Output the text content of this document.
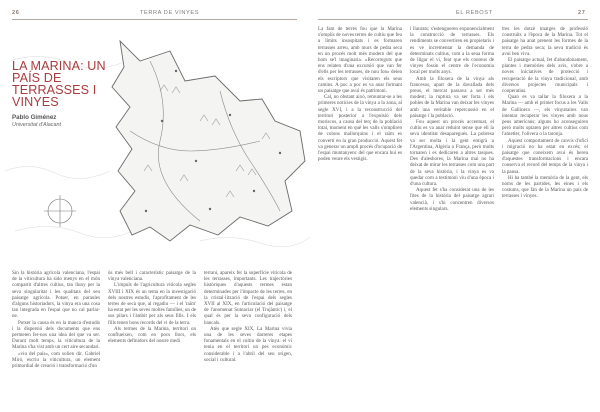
26	TERRA DE VINYES	EL REBOST	27
LA MARINA: UN PAÍS DE TERRASSES I VINYES
Pablo Giménez
Universitat d'Alacant

Sin la història agrícola valenciana, l'espai de la viticultura ha sido menys en el món compartit d'altres cultius, tan lluny per la seva singularitat i les qualitats del seu paisatge agrícola. Potser, en paraules d'alguns historiadors, la vinya era una cosa tan integrada en l'espai que no cal parlar-ne.

Potser la causa és en la manca d'estudis i la dispersió dels documents que ens permeten fer-nos una idea del que va ser. Durant molt temps, la viticultura de la Marina s'ha vist amb un cert aire secundari.

«viu del país», com solien dir. Gabriel Miró, escriu la viticultura, un element primordial de creació i transformació d'un

ús més bell i característic paisatge de la vinya valenciana.

L'impuls de l'agricultura vitícola segles XVIII i XIX és un tema en la investigació dels nostres estudis, l'aprofitament de les terres de secà que, al regadiu — i el 'raïm' ha estat per les seves moltes famílies, un de sus pilars i l'àmbit per als seus fills. I els fills tenen bons records del vi de la terra.

Als termes de la Marina, territori on conflueixen, com en pocs llocs, els elements definidors del nostre medi

terrani, apareix fer la superfície vitícola de les terrasses, importants. Les trajectòries històriques d'aquests termes estan determinades per l'impacte de les terres, en la cristal·lització de l'espai dels segles XVII al XIX, en l'articulació del paisatge de l'anomenat Sumaciar (el Trujàntic) i, el qual és per la seva configuració dels bancals.

Atès que segle XIX, La Marina vivia una de les seves darreres etapes fonamentals en el cultiu de la vinya: el vi tenia en el territori un pes econòmic considerable i a l'abril del seu origen, social i cultural.

La fam de terres fou que la Marina s'omplís de noves terres de cultiu que feu a límits insospitats i es formaren terrasses arreu, amb murs de pedra seca en un procés molt més modern del que hom se'l imaginaria. «Recorreguts que ens relaten d'una excursió que van fer d'ells per les terrasses, de nou fon» deien els escriptors que visitaren els seus camins. A poc a poc es va anar formant un paisatge que avui és patrimoni.

Cal, no obstant això, remuntar-se a les primeres notícies de la vinya a la zona, al segle XVI, i a la reconstrucció del territori posterior a l'expulsió dels moriscos, a causa del terç de la població total, moment en què les valls s'ompliren de colons mallorquins i el raïm es convertí en la gran producció. Aquest fet va generar un ampli procés d'ocupació de l'espai muntanyenc del que encara hui es poden veure els vestigis.

i llaurats; s'estengueren exponencialment la construcció de terrasses. Els rendiments se convertiren en propietaris i es ve incrementar la demanda de determinats cultius, com a la seua forma de lligar el vi, fent que els conreus de vinyes fossin el centre de l'economia local per molts anys.

Amb la filoxera de la vinya als francesos, apart de la davallada dels preus, el mercat passava a ser més modest; la ruptura va ser forta i els pobles de la Marina van deixar les vinyes amb una veritable repercussió en el paisatge i la població.

Fou aquest un procés accentuat, el cultiu es va anar reduint sense que ell la seva identitat desaparegués. La pobresa va ser molta i la gent emigrà a l'Argentina, Algèria o França, però molts tornaren i es dedicaren a altres tasques. Des d'aleshores, la Marina mai no ha deixat de mirar les terrasses com una part de la seva història, i la vinya es va quedar com a testimoni viu d'una època i d'una cultura.

Aquest fet s'ha considerat una de les fites de la història del paisatge agrari valencià, i s'hi concentren diversos elements singulars.

tres les dotzè imatges de professió construïts a l'època de la Marina. Tot el paisatge ha anat prenent les formes de la terra de pedra seca; la seva tradició és avui ben viva.

El paisatge actual, fet d'abandonament, plantes i memòries dels avis, s'obre a noves iniciatives de protecció i recuperació de la vinya tradicional, amb diversos projectes municipals i cooperatius.

Quan es va tallar la filoxera a la Marina — amb el primer focus a les Valls de Gallinera —, els vinyataires van intentar recuperar les vinyes amb nous peus americans; alguns ho aconseguiren però molts optaren per altres cultius com l'ametler, l'olivera o la taronja.

Aquest comportament de canvis d'ofici i migració no ha estat en excés; el paisatge que coneixem avui és hereu d'aquestes transformacions i encara conserva el record del temps de la vinya i la pansa.

Hi ha també la memòria de la gent, els noms de les partides, les eines i els costums, que fan de la Marina un país de terrasses i vinyes.
